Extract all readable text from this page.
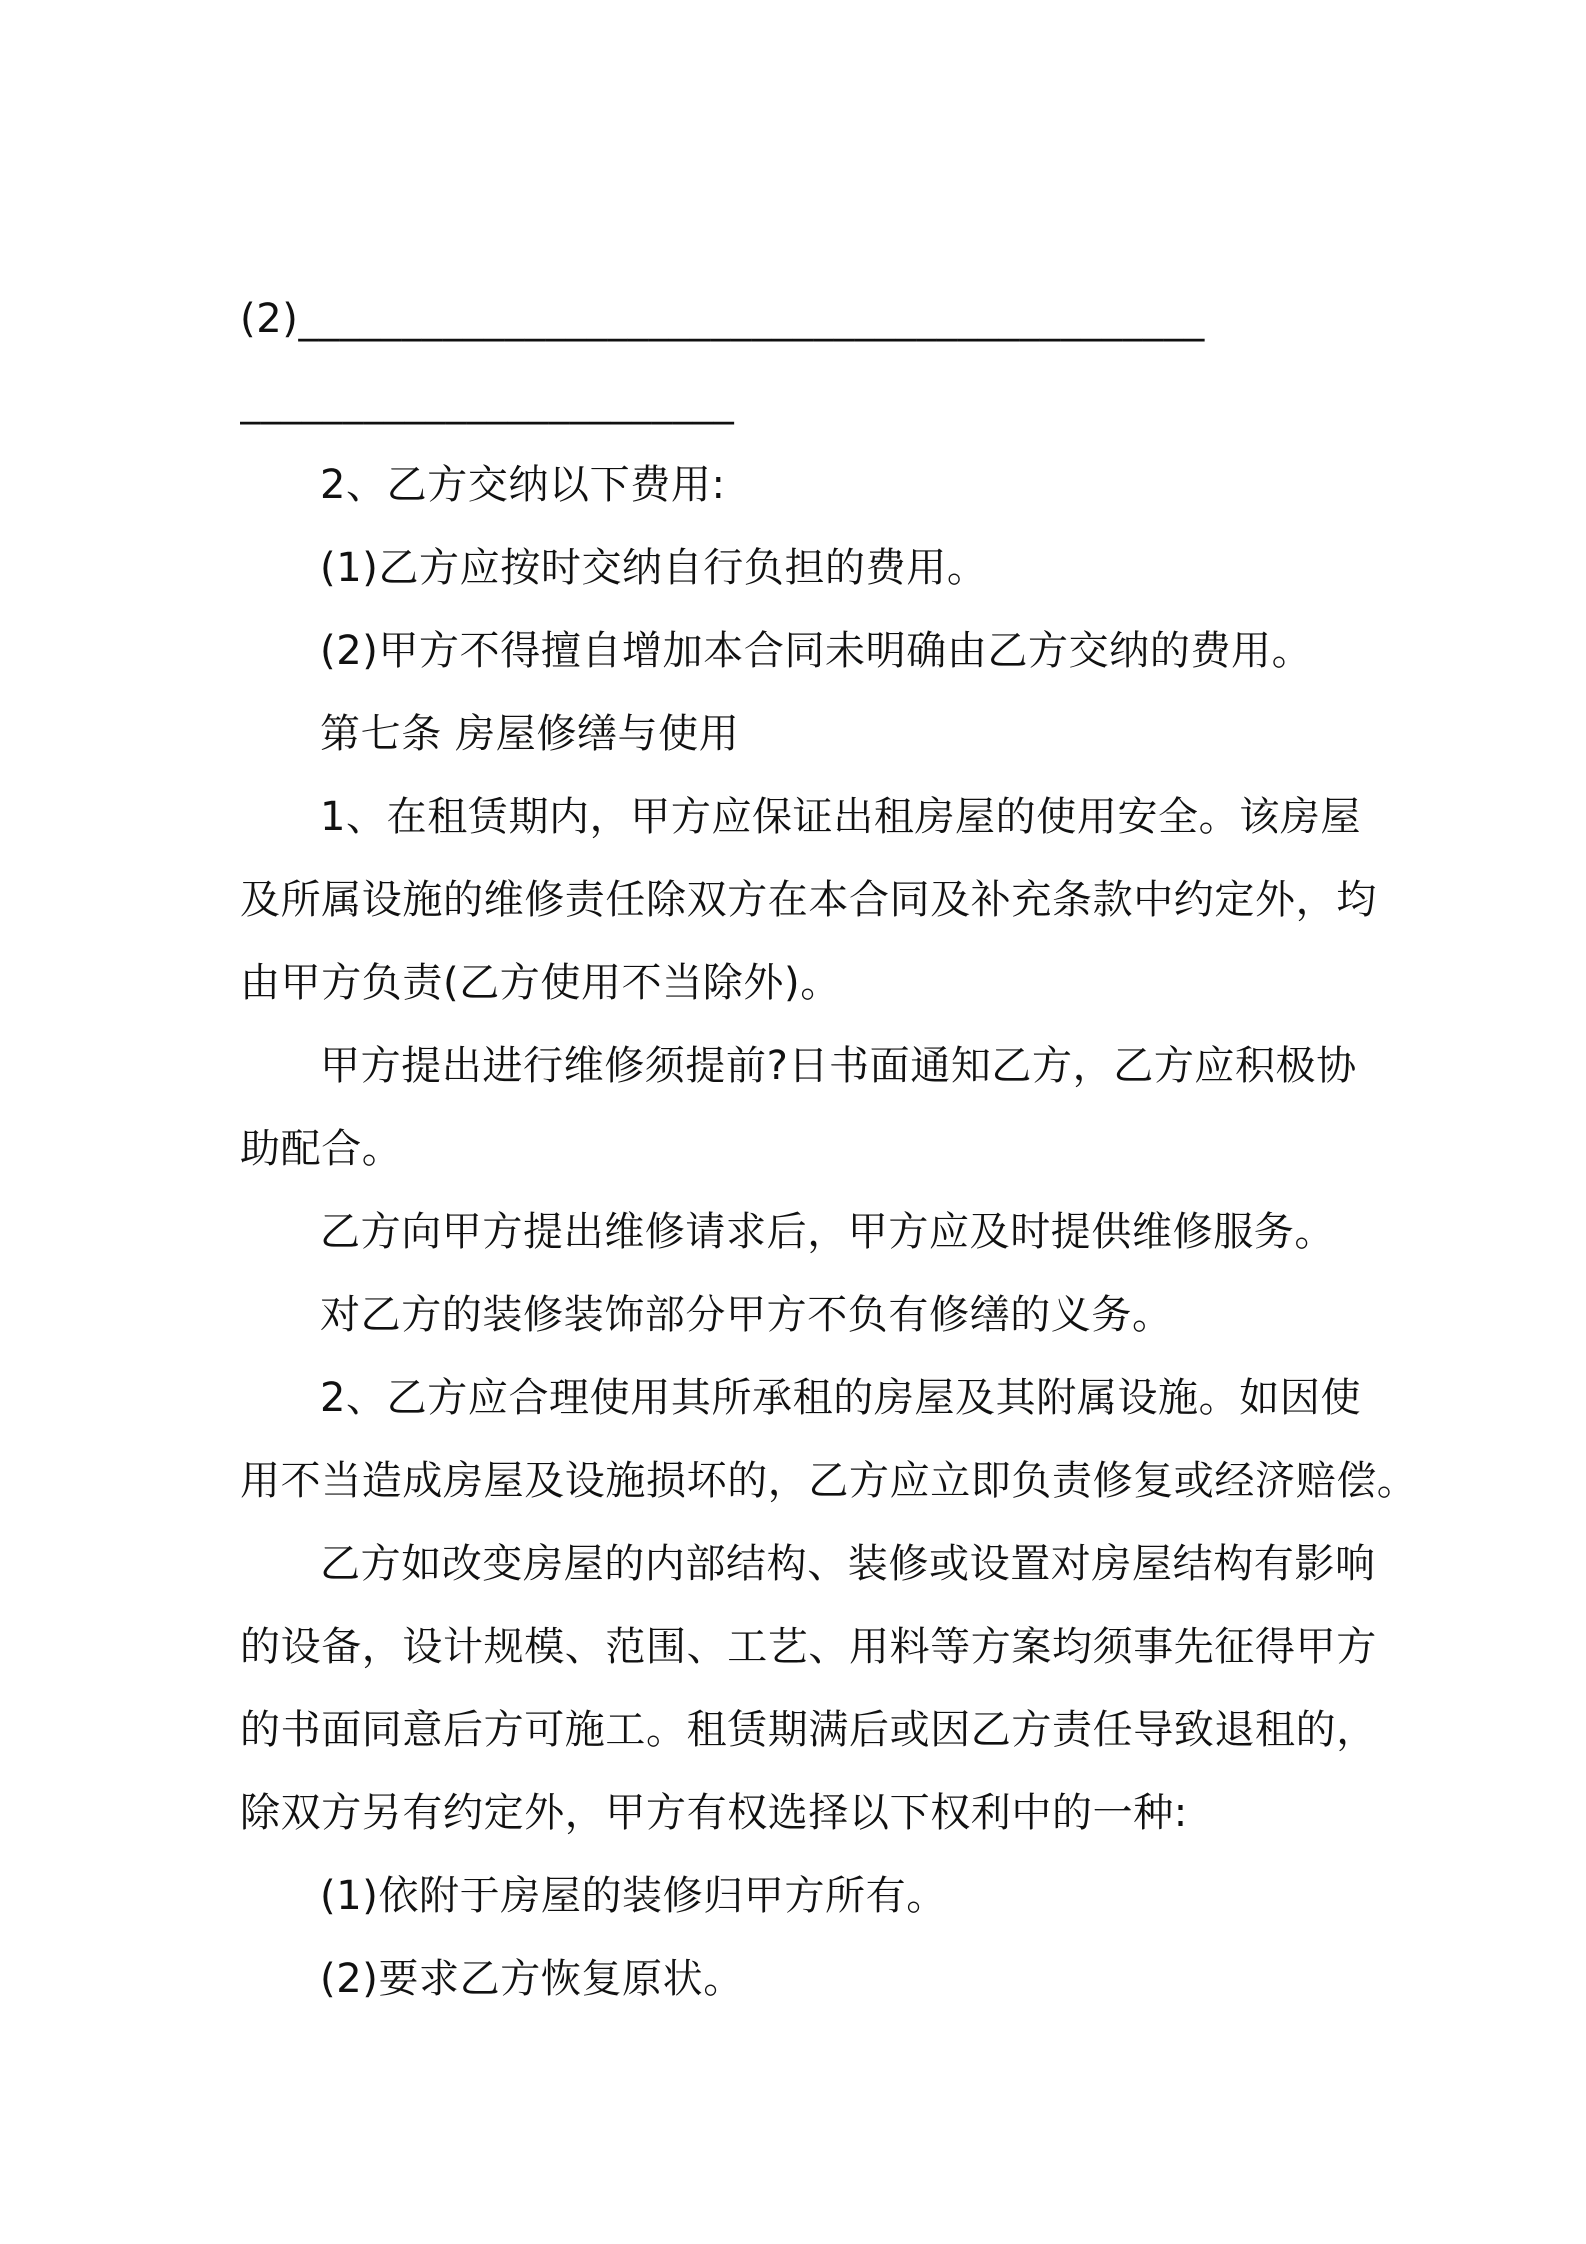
(2)____________________________________________
________________________
2、乙方交纳以下费用:
(1)乙方应按时交纳自行负担的费用。
(2)甲方不得擅自增加本合同未明确由乙方交纳的费用。
第七条 房屋修缮与使用
1、在租赁期内，甲方应保证出租房屋的使用安全。该房屋
及所属设施的维修责任除双方在本合同及补充条款中约定外，均
由甲方负责(乙方使用不当除外)。
甲方提出进行维修须提前?日书面通知乙方，乙方应积极协
助配合。
乙方向甲方提出维修请求后，甲方应及时提供维修服务。
对乙方的装修装饰部分甲方不负有修缮的义务。
2、乙方应合理使用其所承租的房屋及其附属设施。如因使
用不当造成房屋及设施损坏的，乙方应立即负责修复或经济赔偿。
乙方如改变房屋的内部结构、装修或设置对房屋结构有影响
的设备，设计规模、范围、工艺、用料等方案均须事先征得甲方
的书面同意后方可施工。租赁期满后或因乙方责任导致退租的，
除双方另有约定外，甲方有权选择以下权利中的一种:
(1)依附于房屋的装修归甲方所有。
(2)要求乙方恢复原状。
